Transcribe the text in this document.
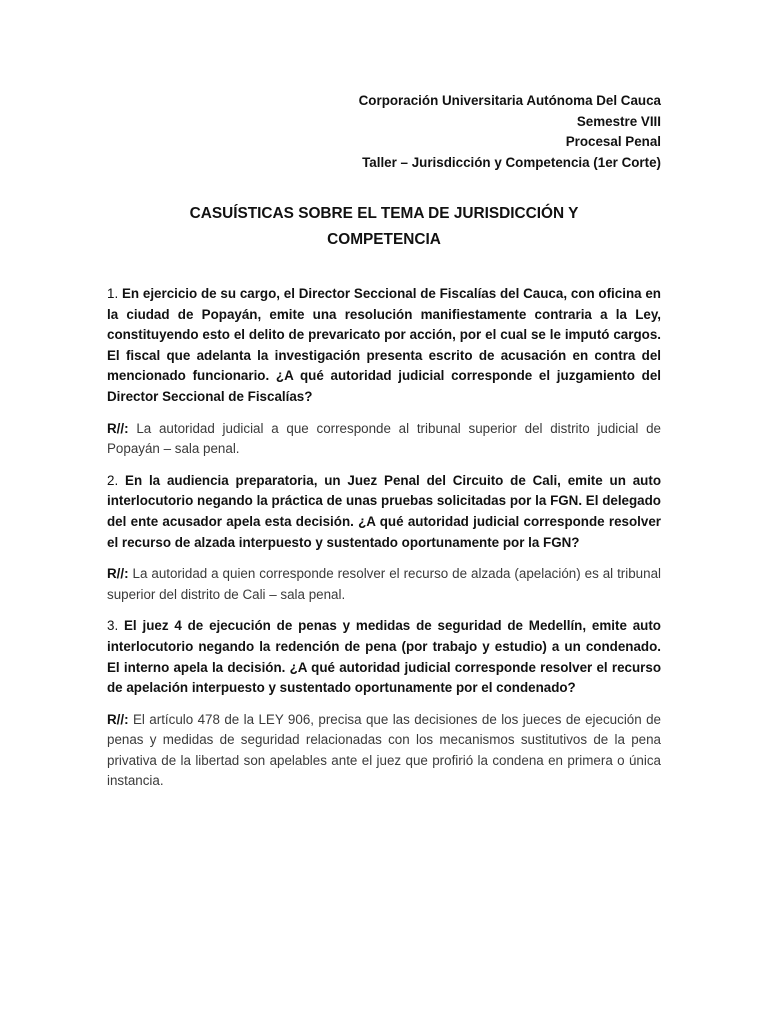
Corporación Universitaria Autónoma Del Cauca
Semestre VIII
Procesal Penal
Taller – Jurisdicción y Competencia (1er Corte)
CASUÍSTICAS SOBRE EL TEMA DE JURISDICCIÓN Y
COMPETENCIA

1. En ejercicio de su cargo, el Director Seccional de Fiscalías del Cauca, con oficina en la ciudad de Popayán, emite una resolución manifiestamente contraria a la Ley, constituyendo esto el delito de prevaricato por acción, por el cual se le imputó cargos. El fiscal que adelanta la investigación presenta escrito de acusación en contra del mencionado funcionario. ¿A qué autoridad judicial corresponde el juzgamiento del Director Seccional de Fiscalías?

R//: La autoridad judicial a que corresponde al tribunal superior del distrito judicial de Popayán – sala penal.

2. En la audiencia preparatoria, un Juez Penal del Circuito de Cali, emite un auto interlocutorio negando la práctica de unas pruebas solicitadas por la FGN. El delegado del ente acusador apela esta decisión. ¿A qué autoridad judicial corresponde resolver el recurso de alzada interpuesto y sustentado oportunamente por la FGN?

R//: La autoridad a quien corresponde resolver el recurso de alzada (apelación) es al tribunal superior del distrito de Cali – sala penal.

3. El juez 4 de ejecución de penas y medidas de seguridad de Medellín, emite auto interlocutorio negando la redención de pena (por trabajo y estudio) a un condenado. El interno apela la decisión. ¿A qué autoridad judicial corresponde resolver el recurso de apelación interpuesto y sustentado oportunamente por el condenado?

R//: El artículo 478 de la LEY 906, precisa que las decisiones de los jueces de ejecución de penas y medidas de seguridad relacionadas con los mecanismos sustitutivos de la pena privativa de la libertad son apelables ante el juez que profirió la condena en primera o única instancia.
